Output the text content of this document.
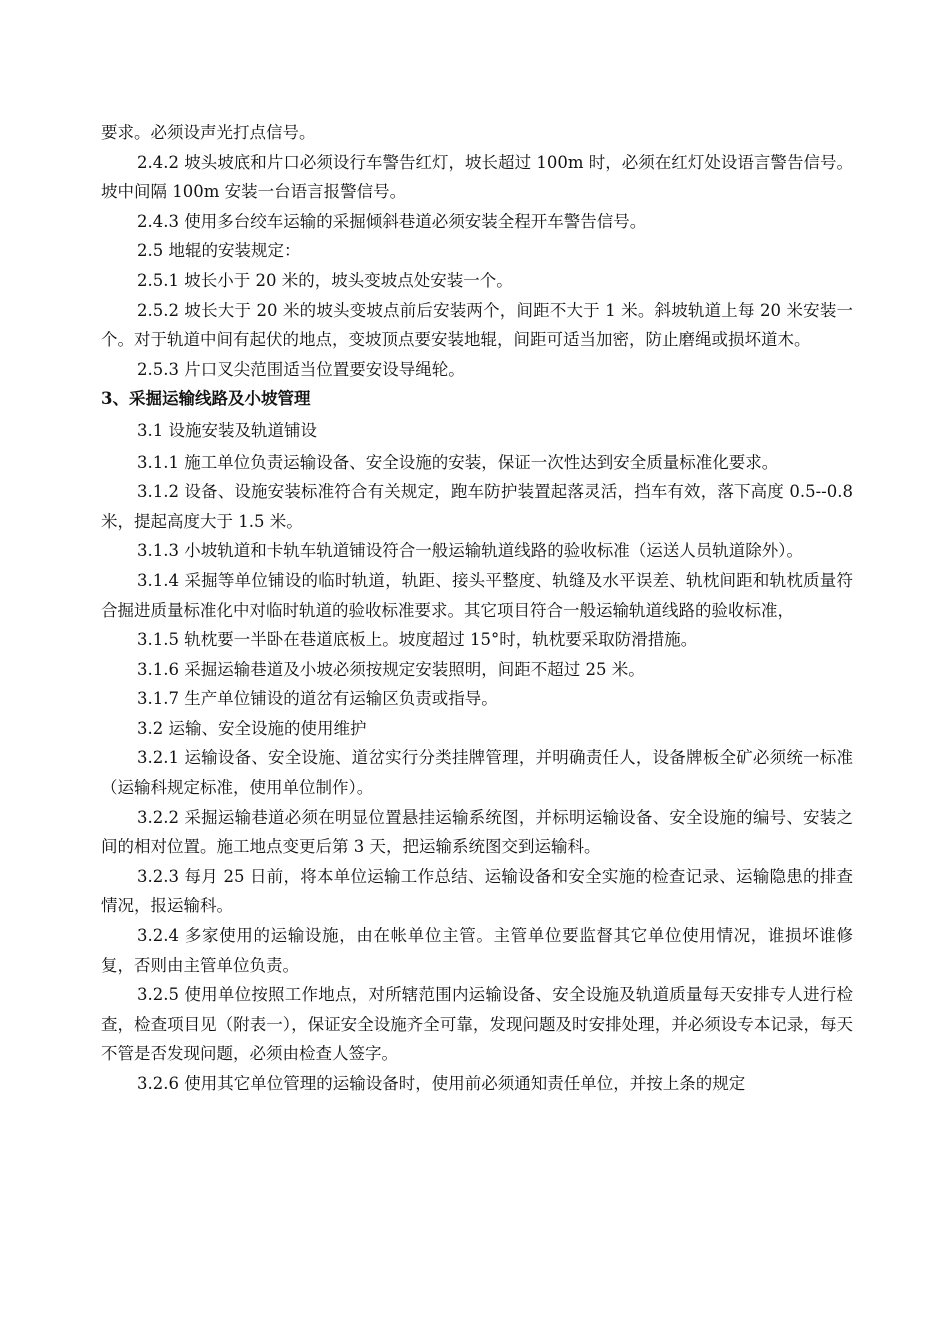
要求。必须设声光打点信号。

2.4.2 坡头坡底和片口必须设行车警告红灯，坡长超过 100m 时，必须在红灯处设语言警告信号。坡中间隔 100m 安装一台语言报警信号。

2.4.3 使用多台绞车运输的采掘倾斜巷道必须安装全程开车警告信号。

2.5 地辊的安装规定：

2.5.1 坡长小于 20 米的，坡头变坡点处安装一个。

2.5.2 坡长大于 20 米的坡头变坡点前后安装两个，间距不大于 1 米。斜坡轨道上每 20 米安装一个。对于轨道中间有起伏的地点，变坡顶点要安装地辊，间距可适当加密，防止磨绳或损坏道木。

2.5.3 片口叉尖范围适当位置要安设导绳轮。

3、采掘运输线路及小坡管理

3.1 设施安装及轨道铺设

3.1.1 施工单位负责运输设备、安全设施的安装，保证一次性达到安全质量标准化要求。

3.1.2 设备、设施安装标准符合有关规定，跑车防护装置起落灵活，挡车有效，落下高度 0.5--0.8 米，提起高度大于 1.5 米。

3.1.3 小坡轨道和卡轨车轨道铺设符合一般运输轨道线路的验收标准（运送人员轨道除外）。

3.1.4 采掘等单位铺设的临时轨道，轨距、接头平整度、轨缝及水平误差、轨枕间距和轨枕质量符合掘进质量标准化中对临时轨道的验收标准要求。其它项目符合一般运输轨道线路的验收标准，

3.1.5 轨枕要一半卧在巷道底板上。坡度超过 15°时，轨枕要采取防滑措施。

3.1.6 采掘运输巷道及小坡必须按规定安装照明，间距不超过 25 米。

3.1.7 生产单位铺设的道岔有运输区负责或指导。

3.2 运输、安全设施的使用维护

3.2.1 运输设备、安全设施、道岔实行分类挂牌管理，并明确责任人，设备牌板全矿必须统一标准（运输科规定标准，使用单位制作）。

3.2.2 采掘运输巷道必须在明显位置悬挂运输系统图，并标明运输设备、安全设施的编号、安装之间的相对位置。施工地点变更后第 3 天，把运输系统图交到运输科。

3.2.3 每月 25 日前，将本单位运输工作总结、运输设备和安全实施的检查记录、运输隐患的排查情况，报运输科。

3.2.4 多家使用的运输设施，由在帐单位主管。主管单位要监督其它单位使用情况，谁损坏谁修复，否则由主管单位负责。

3.2.5 使用单位按照工作地点，对所辖范围内运输设备、安全设施及轨道质量每天安排专人进行检查，检查项目见（附表一），保证安全设施齐全可靠，发现问题及时安排处理，并必须设专本记录，每天不管是否发现问题，必须由检查人签字。

3.2.6 使用其它单位管理的运输设备时，使用前必须通知责任单位，并按上条的规定
